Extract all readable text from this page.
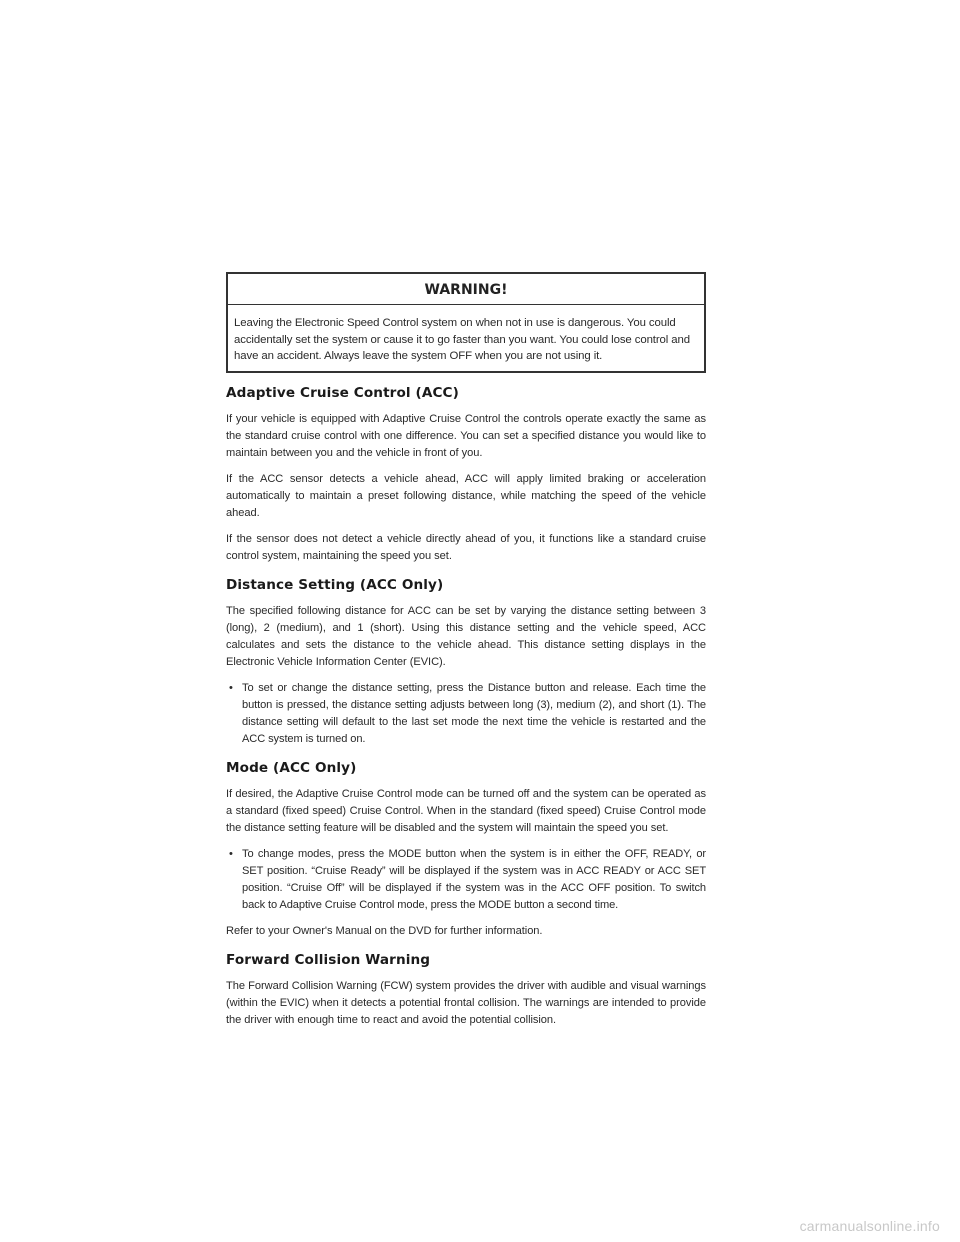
WARNING!
Leaving the Electronic Speed Control system on when not in use is dangerous. You could accidentally set the system or cause it to go faster than you want. You could lose control and have an accident. Always leave the system OFF when you are not using it.
Adaptive Cruise Control (ACC)

If your vehicle is equipped with Adaptive Cruise Control the controls operate exactly the same as the standard cruise control with one difference. You can set a specified distance you would like to maintain between you and the vehicle in front of you.

If the ACC sensor detects a vehicle ahead, ACC will apply limited braking or acceleration automatically to maintain a preset following distance, while matching the speed of the vehicle ahead.

If the sensor does not detect a vehicle directly ahead of you, it functions like a standard cruise control system, maintaining the speed you set.

Distance Setting (ACC Only)

The specified following distance for ACC can be set by varying the distance setting between 3 (long), 2 (medium), and 1 (short). Using this distance setting and the vehicle speed, ACC calculates and sets the distance to the vehicle ahead. This distance setting displays in the Electronic Vehicle Information Center (EVIC).

• To set or change the distance setting, press the Distance button and release. Each time the button is pressed, the distance setting adjusts between long (3), medium (2), and short (1). The distance setting will default to the last set mode the next time the vehicle is restarted and the ACC system is turned on.
Mode (ACC Only)

If desired, the Adaptive Cruise Control mode can be turned off and the system can be operated as a standard (fixed speed) Cruise Control. When in the standard (fixed speed) Cruise Control mode the distance setting feature will be disabled and the system will maintain the speed you set.

• To change modes, press the MODE button when the system is in either the OFF, READY, or SET position. “Cruise Ready” will be displayed if the system was in ACC READY or ACC SET position. “Cruise Off” will be displayed if the system was in the ACC OFF position. To switch back to Adaptive Cruise Control mode, press the MODE button a second time.

Refer to your Owner's Manual on the DVD for further information.

Forward Collision Warning

The Forward Collision Warning (FCW) system provides the driver with audible and visual warnings (within the EVIC) when it detects a potential frontal collision. The warnings are intended to provide the driver with enough time to react and avoid the potential collision.

carmanualsonline.info
